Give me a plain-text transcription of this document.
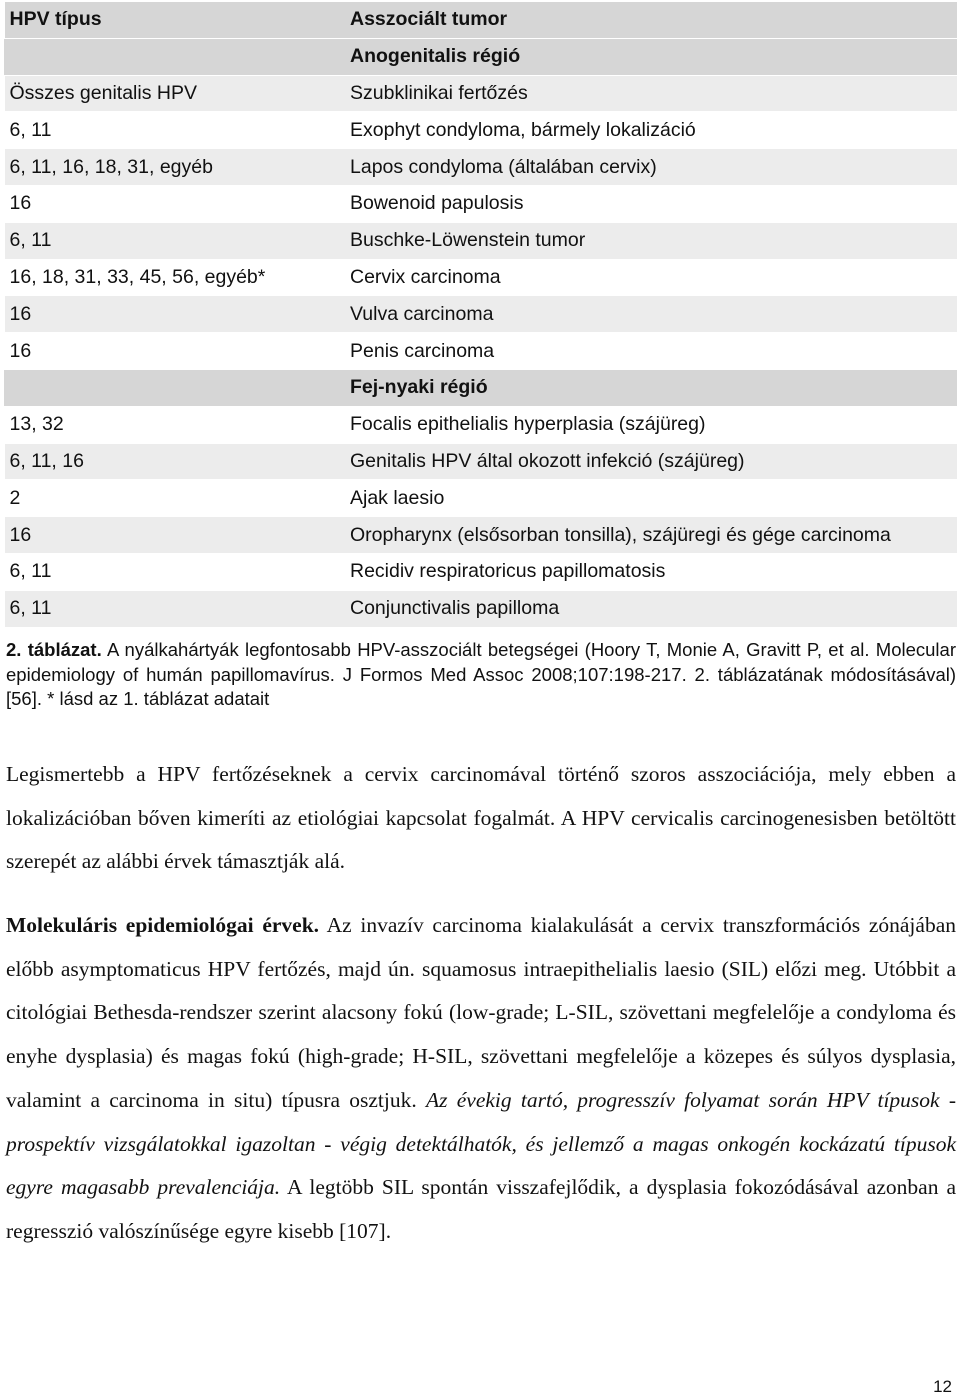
HPV típus	Asszociált tumor
	Anogenitalis régió
Összes genitalis HPV	Szubklinikai fertőzés
6, 11	Exophyt condyloma, bármely lokalizáció
6, 11, 16, 18, 31, egyéb	Lapos condyloma (általában cervix)
16	Bowenoid papulosis
6, 11	Buschke-Löwenstein tumor
16, 18, 31, 33, 45, 56, egyéb*	Cervix carcinoma
16	Vulva carcinoma
16	Penis carcinoma
	Fej-nyaki régió
13, 32	Focalis epithelialis hyperplasia (szájüreg)
6, 11, 16	Genitalis HPV által okozott infekció (szájüreg)
2	Ajak laesio
16	Oropharynx (elsősorban tonsilla), szájüregi és gége carcinoma
6, 11	Recidiv respiratoricus papillomatosis
6, 11	Conjunctivalis papilloma
2. táblázat. A nyálkahártyák legfontosabb HPV-asszociált betegségei (Hoory T, Monie A, Gravitt P, et al. Molecular epidemiology of humán papillomavírus. J Formos Med Assoc 2008;107:198-217. 2. táblázatának módosításával) [56]. * lásd az 1. táblázat adatait

Legismertebb a HPV fertőzéseknek a cervix carcinomával történő szoros asszociációja, mely ebben a lokalizációban bőven kimeríti az etiológiai kapcsolat fogalmát. A HPV cervicalis carcinogenesisben betöltött szerepét az alábbi érvek támasztják alá.

Molekuláris epidemiológai érvek. Az invazív carcinoma kialakulását a cervix transzformációs zónájában előbb asymptomaticus HPV fertőzés, majd ún. squamosus intraepithelialis laesio (SIL) előzi meg. Utóbbit a citológiai Bethesda-rendszer szerint alacsony fokú (low-grade; L-SIL, szövettani megfelelője a condyloma és enyhe dysplasia) és magas fokú (high-grade; H-SIL, szövettani megfelelője a közepes és súlyos dysplasia, valamint a carcinoma in situ) típusra osztjuk. Az évekig tartó, progresszív folyamat során HPV típusok - prospektív vizsgálatokkal igazoltan - végig detektálhatók, és jellemző a magas onkogén kockázatú típusok egyre magasabb prevalenciája. A legtöbb SIL spontán visszafejlődik, a dysplasia fokozódásával azonban a regresszió valószínűsége egyre kisebb [107].

12
